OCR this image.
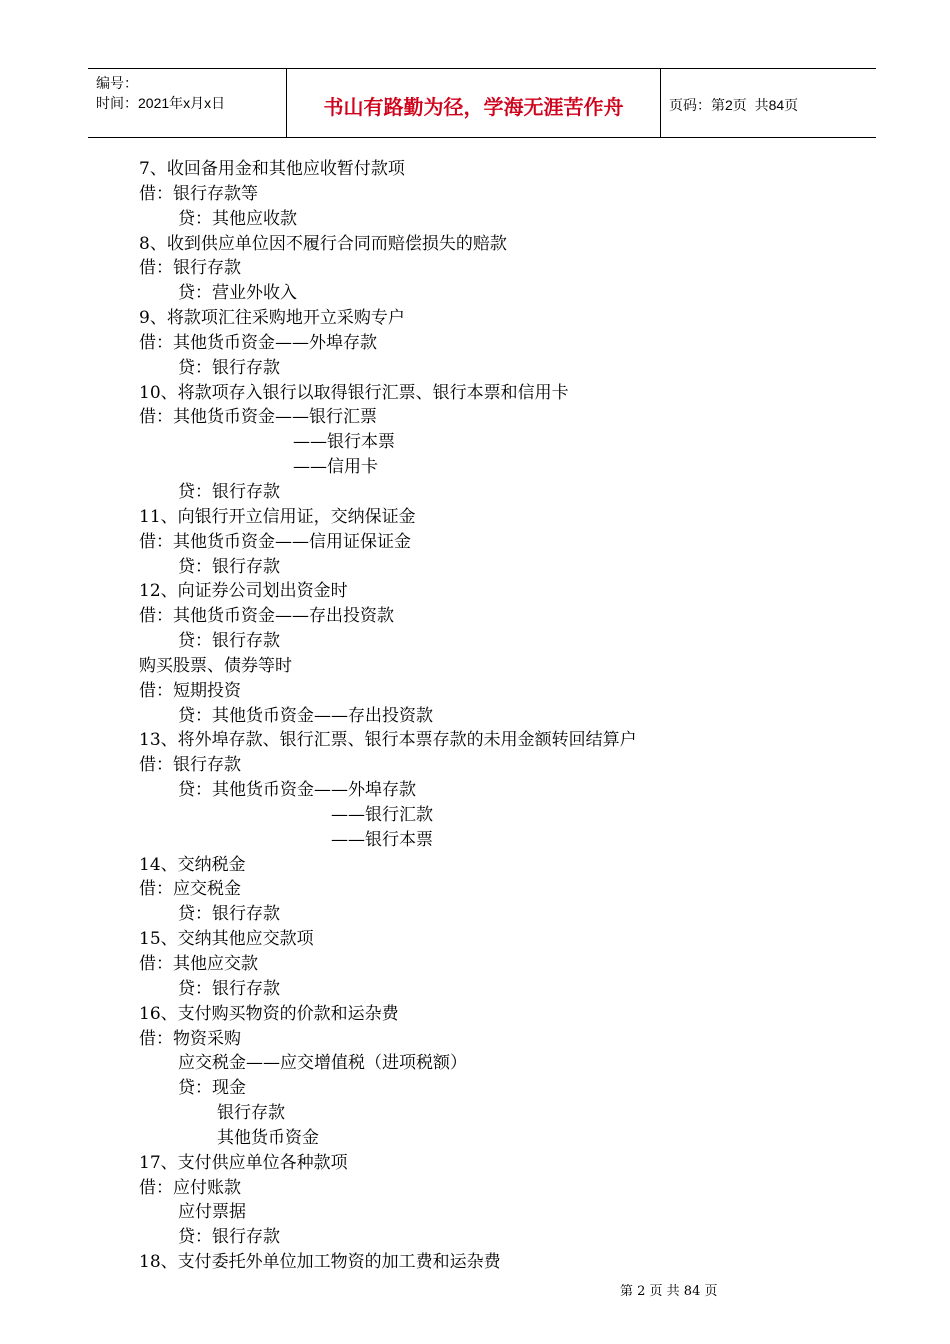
编号：
时间：2021年x月x日	书山有路勤为径，学海无涯苦作舟	页码：第2页  共84页
7、收回备用金和其他应收暂付款项
借：银行存款等
贷：其他应收款
8、收到供应单位因不履行合同而赔偿损失的赔款
借：银行存款
贷：营业外收入
9、将款项汇往采购地开立采购专户
借：其他货币资金——外埠存款
贷：银行存款
10、将款项存入银行以取得银行汇票、银行本票和信用卡
借：其他货币资金——银行汇票
——银行本票
——信用卡
贷：银行存款
11、向银行开立信用证，交纳保证金
借：其他货币资金——信用证保证金
贷：银行存款
12、向证券公司划出资金时
借：其他货币资金——存出投资款
贷：银行存款
购买股票、债券等时
借：短期投资
贷：其他货币资金——存出投资款
13、将外埠存款、银行汇票、银行本票存款的未用金额转回结算户
借：银行存款
贷：其他货币资金——外埠存款
——银行汇款
——银行本票
14、交纳税金
借：应交税金
贷：银行存款
15、交纳其他应交款项
借：其他应交款
贷：银行存款
16、支付购买物资的价款和运杂费
借：物资采购
应交税金——应交增值税（进项税额）
贷：现金
银行存款
其他货币资金
17、支付供应单位各种款项
借：应付账款
应付票据
贷：银行存款
18、支付委托外单位加工物资的加工费和运杂费
第 2 页 共 84 页
